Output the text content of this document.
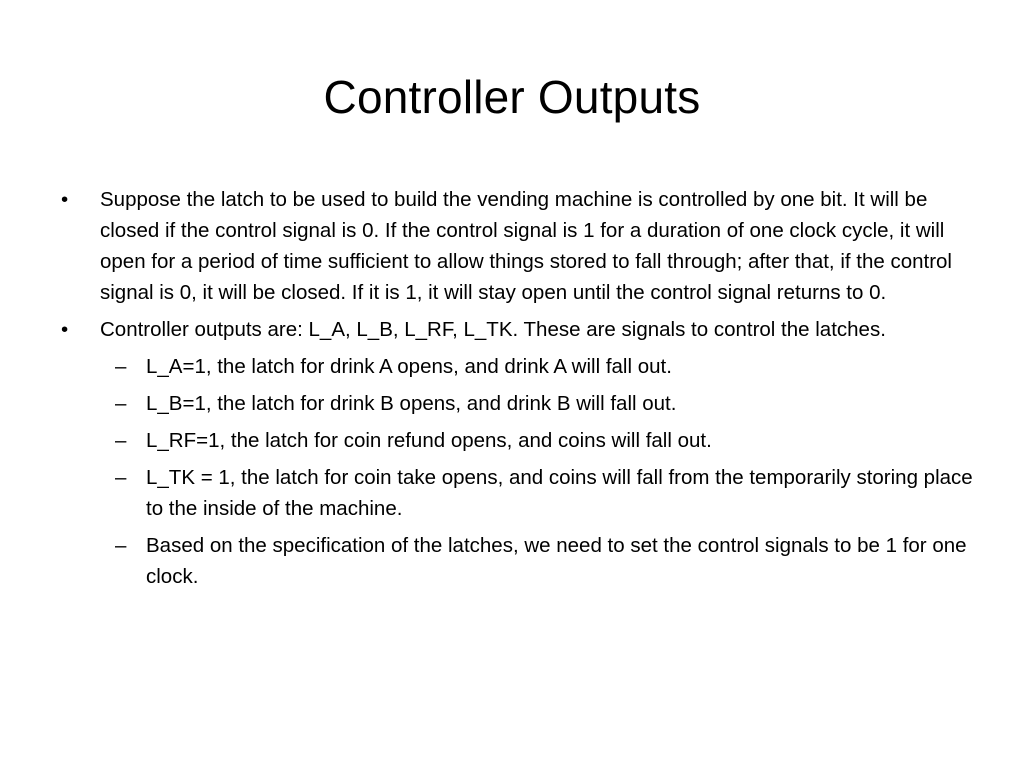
Controller Outputs
• Suppose the latch to be used to build the vending machine is controlled by one bit. It will be closed if the control signal is 0. If the control signal is 1 for a duration of one clock cycle, it will open for a period of time sufficient to allow things stored to fall through; after that, if the control signal is 0, it will be closed. If it is 1, it will stay open until the control signal returns to 0.
• Controller outputs are: L_A, L_B, L_RF, L_TK. These are signals to control the latches.
– L_A=1, the latch for drink A opens, and drink A will fall out.
– L_B=1, the latch for drink B opens, and drink B will fall out.
– L_RF=1, the latch for coin refund opens, and coins will fall out.
– L_TK = 1, the latch for coin take opens, and coins will fall from the temporarily storing place to the inside of the machine.
– Based on the specification of the latches, we need to set the control signals to be 1 for one clock.
